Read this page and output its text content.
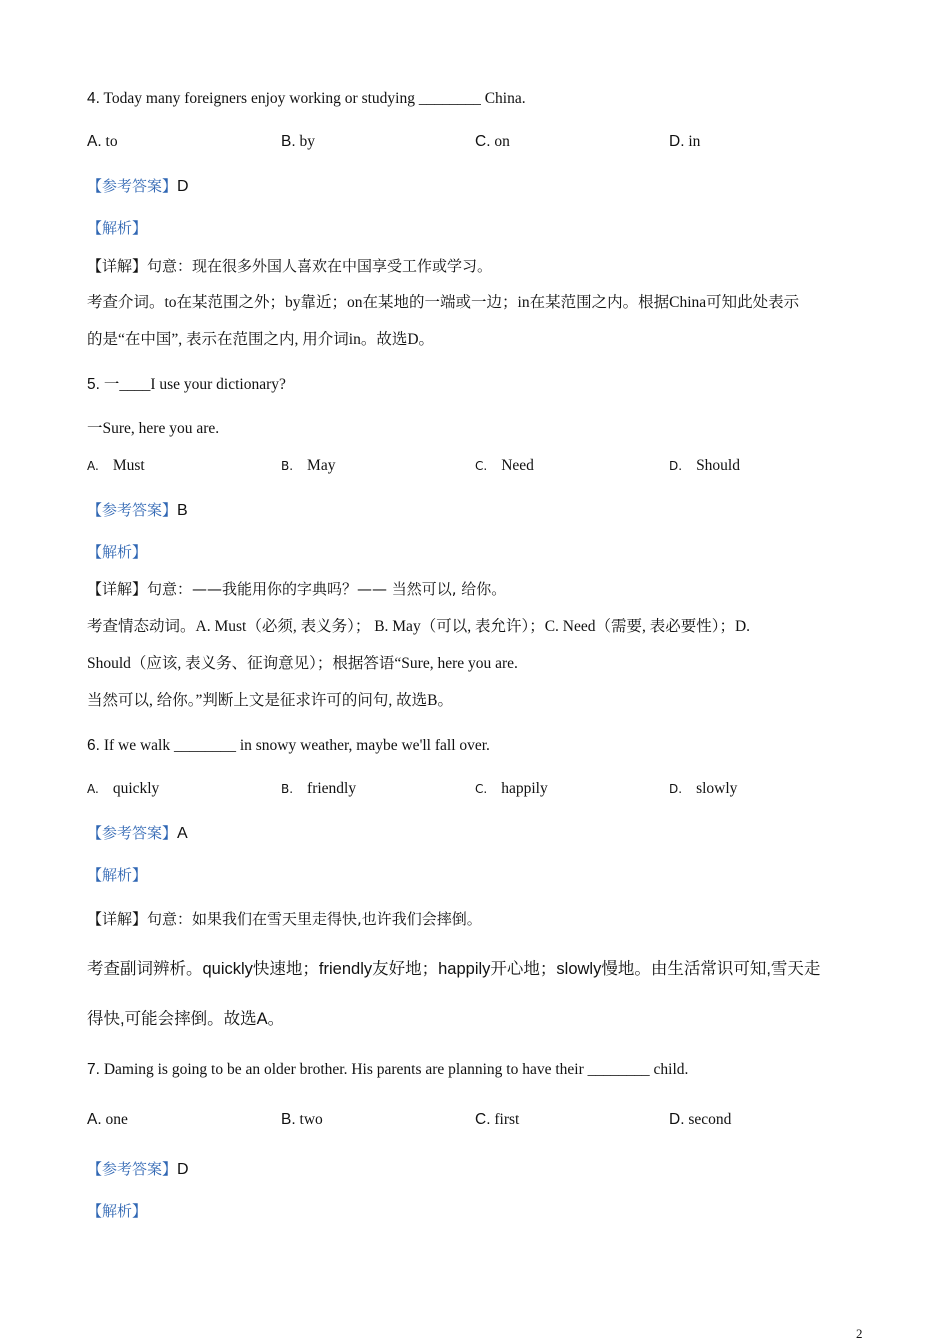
4. Today many foreigners enjoy working or studying ________ China.
A. to	B. by	C. on	D. in
【参考答案】D
【解析】
【详解】句意：现在很多外国人喜欢在中国享受工作或学习。
考查介词。to在某范围之外；by靠近；on在某地的一端或一边；in在某范围之内。根据China可知此处表示
的是“在中国”, 表示在范围之内, 用介词in。故选D。
5. 一____I use your dictionary?
一Sure, here you are.
A. Must	B. May	C. Need	D. Should
【参考答案】B
【解析】
【详解】句意：——我能用你的字典吗？—— 当然可以, 给你。
考查情态动词。A. Must（必须, 表义务）； B. May（可以, 表允许）；C. Need（需要, 表必要性）；D.
Should（应该, 表义务、征询意见）；根据答语“Sure, here you are.
当然可以, 给你。”判断上文是征求许可的问句, 故选B。
6. If we walk ________ in snowy weather, maybe we'll fall over.
A. quickly	B. friendly	C. happily	D. slowly
【参考答案】A
【解析】
【详解】句意：如果我们在雪天里走得快,也许我们会摔倒。
考查副词辨析。quickly快速地；friendly友好地；happily开心地；slowly慢地。由生活常识可知,雪天走
得快,可能会摔倒。故选A。
7. Daming is going to be an older brother. His parents are planning to have their ________ child.
A. one	B. two	C. first	D. second
【参考答案】D
【解析】
2
